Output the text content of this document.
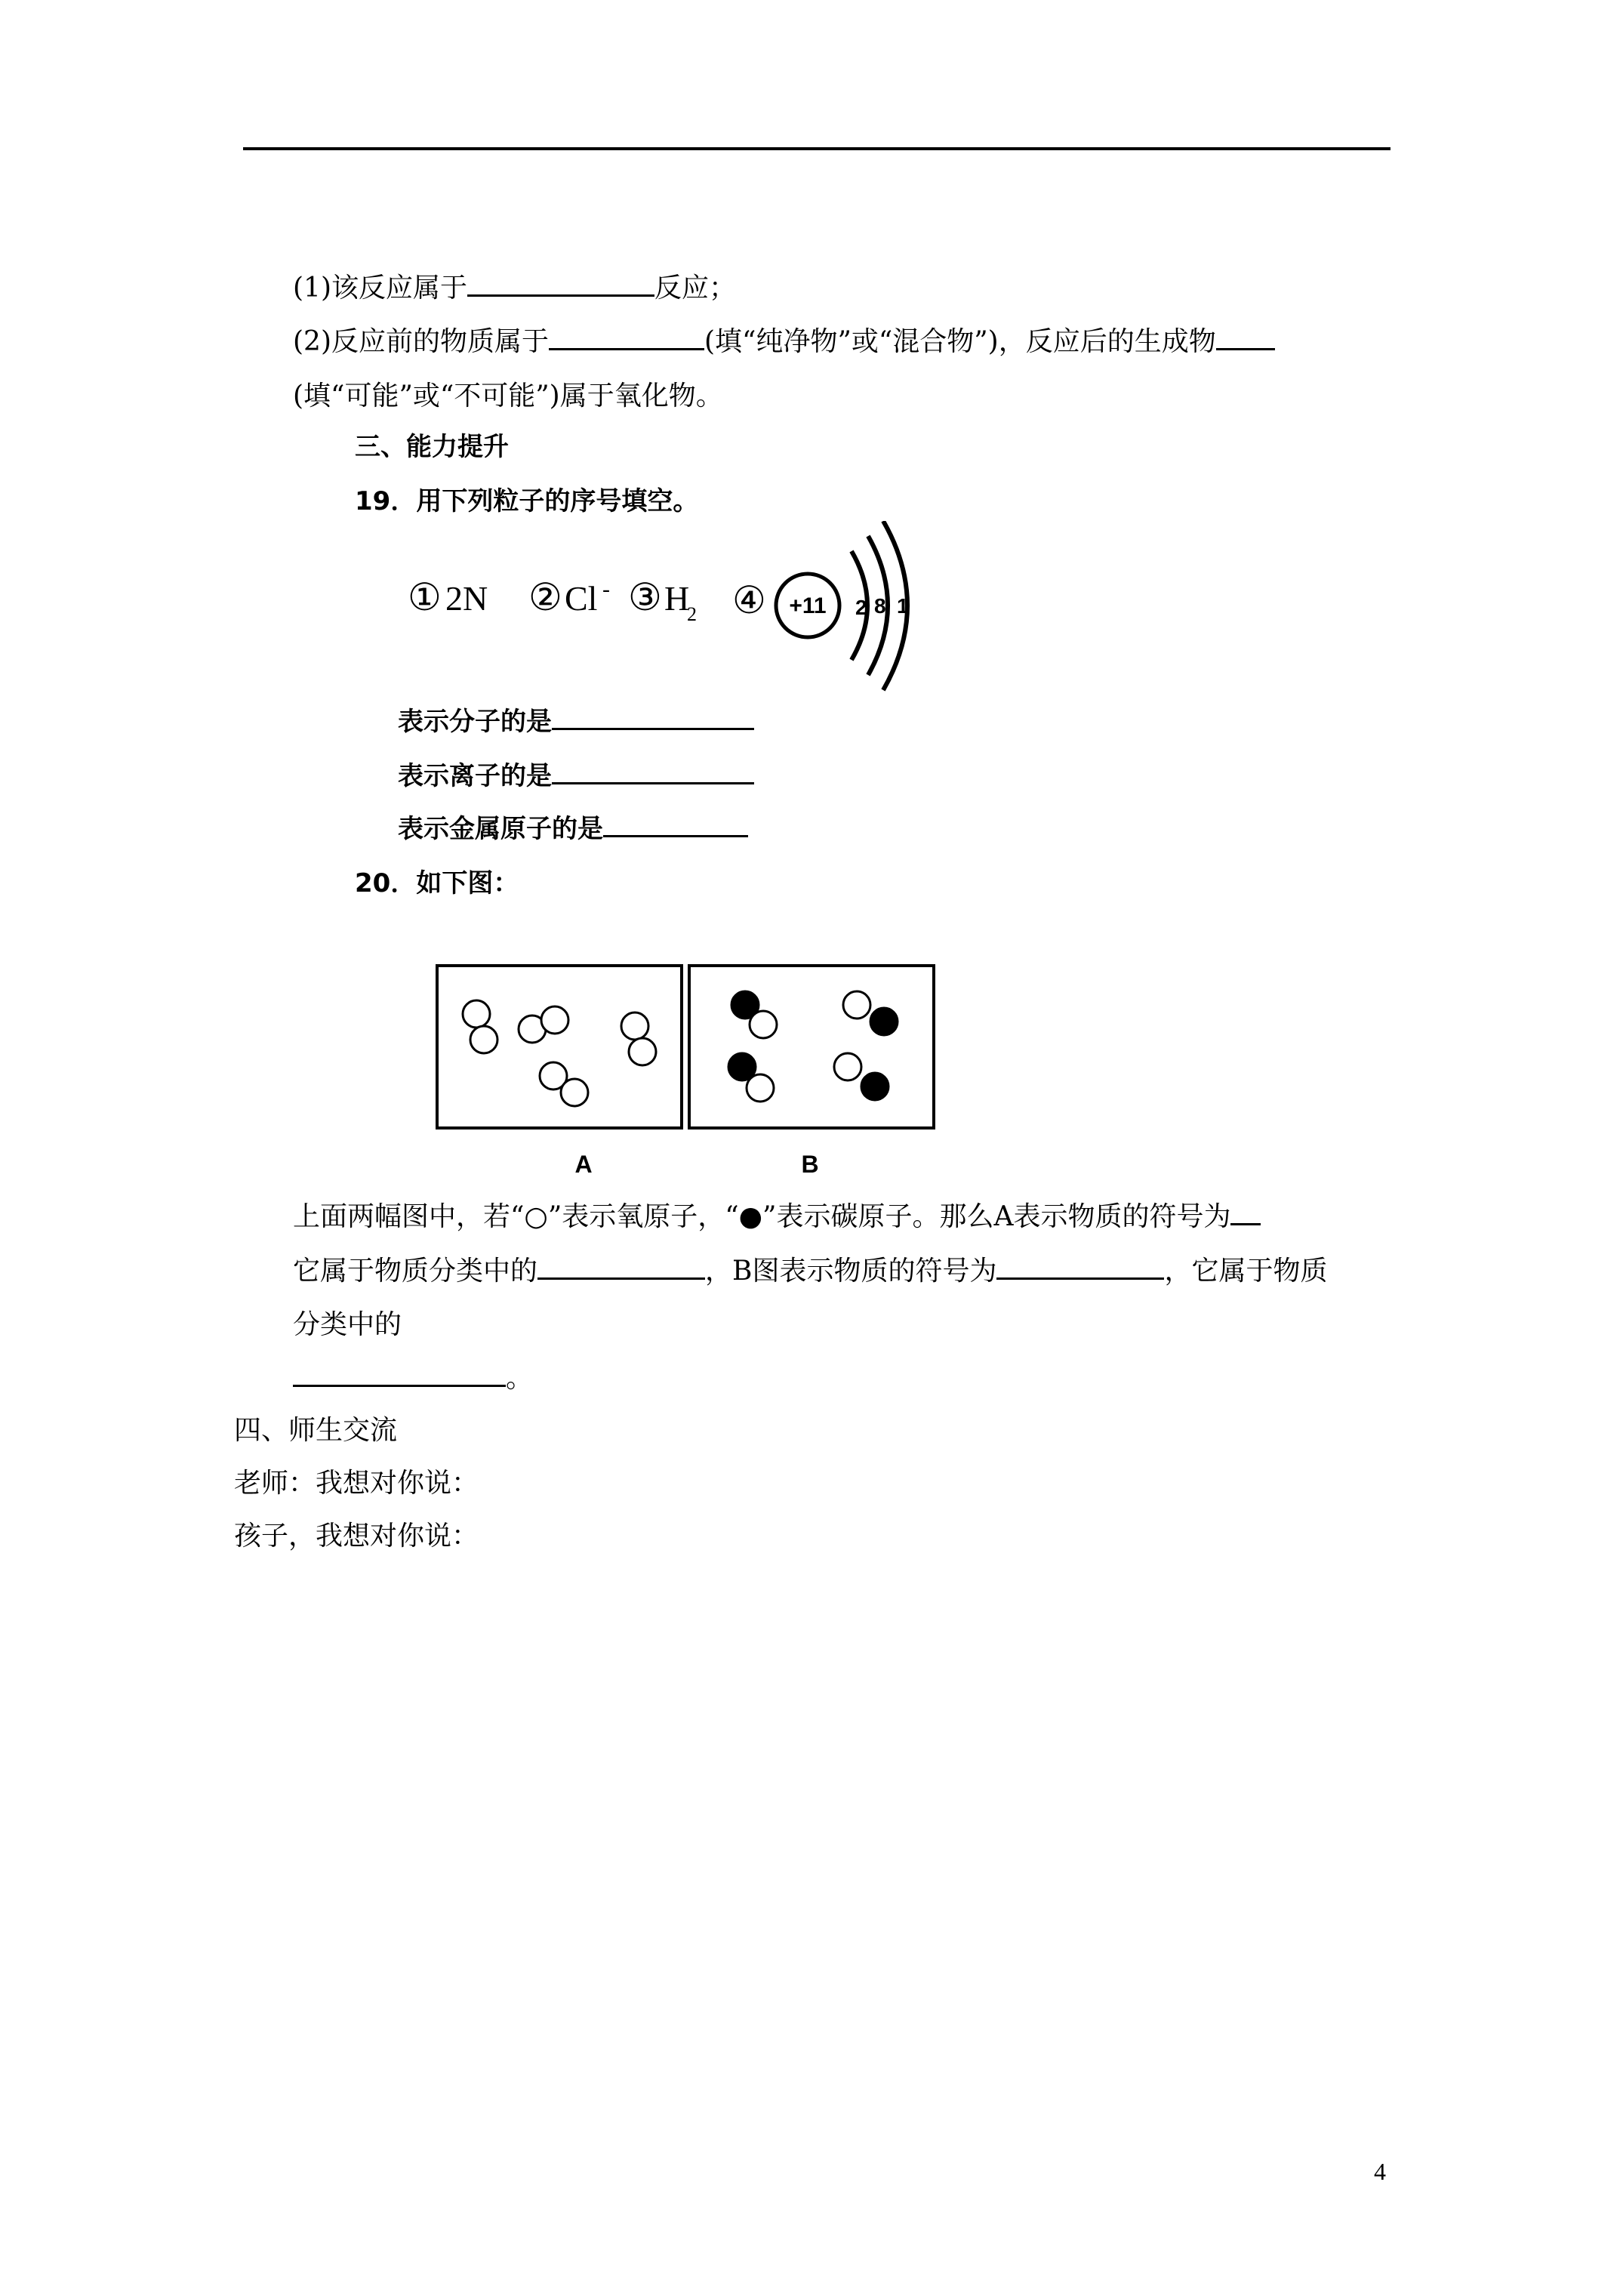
(1)该反应属于	反应；
(2)反应前的物质属于	(填“纯净物”或“混合物”)，反应后的生成物
(填“可能”或“不可能”)属于氧化物。
三、能力提升
19．用下列粒子的序号填空。
① 2N ② Cl - ③ H
2 ④ +11 2 8 1
表示分子的是
表示离子的是
表示金属原子的是
20．如下图：
A	B
上面两幅图中，若“○”表示氧原子，“●”表示碳原子。那么A表示物质的符号为
它属于物质分类中的	，B图表示物质的符号为	，它属于物质
分类中的
。
四、师生交流
老师：我想对你说：
孩子，我想对你说：
4
